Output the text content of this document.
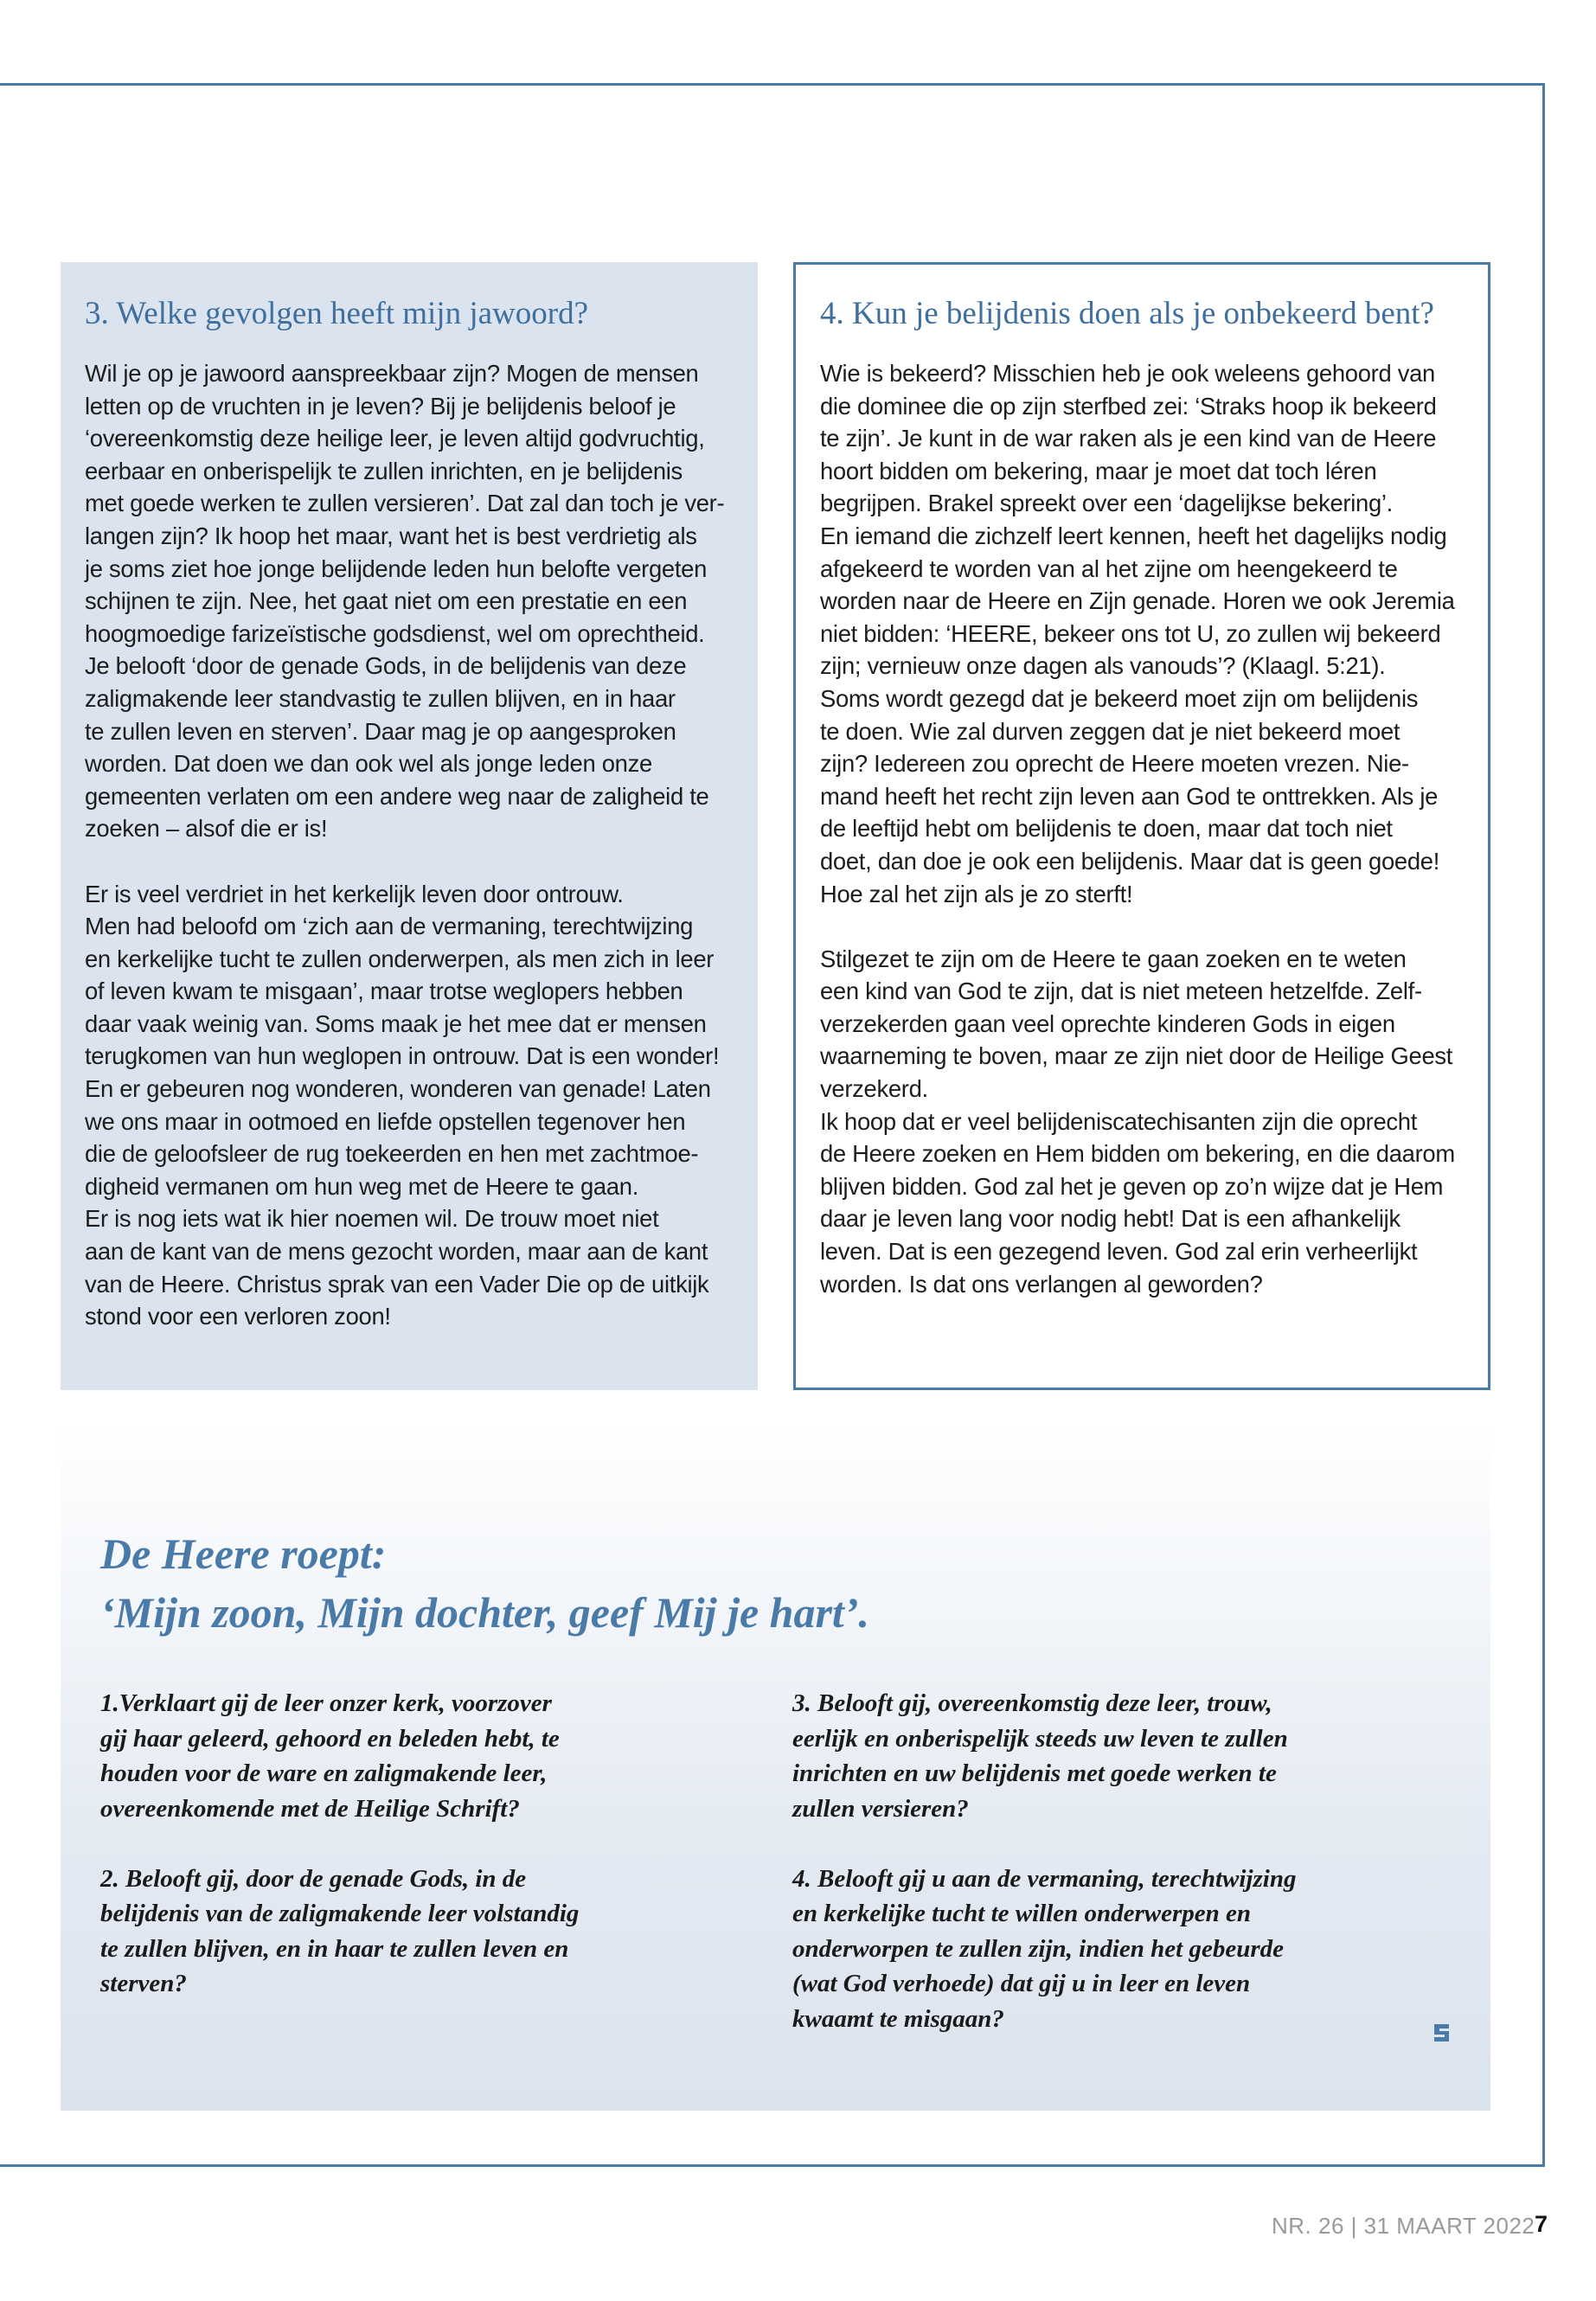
3. Welke gevolgen heeft mijn jawoord?

Wil je op je jawoord aanspreekbaar zijn? Mogen de mensen
letten op de vruchten in je leven? Bij je belijdenis beloof je
‘overeenkomstig deze heilige leer, je leven altijd godvruchtig,
eerbaar en onberispelijk te zullen inrichten, en je belijdenis
met goede werken te zullen versieren’. Dat zal dan toch je ver-
langen zijn? Ik hoop het maar, want het is best verdrietig als
je soms ziet hoe jonge belijdende leden hun belofte vergeten
schijnen te zijn. Nee, het gaat niet om een prestatie en een
hoogmoedige farizeïstische godsdienst, wel om oprechtheid.
Je belooft ‘door de genade Gods, in de belijdenis van deze
zaligmakende leer standvastig te zullen blijven, en in haar
te zullen leven en sterven’. Daar mag je op aangesproken
worden. Dat doen we dan ook wel als jonge leden onze
gemeenten verlaten om een andere weg naar de zaligheid te
zoeken – alsof die er is!

Er is veel verdriet in het kerkelijk leven door ontrouw.
Men had beloofd om ‘zich aan de vermaning, terechtwijzing
en kerkelijke tucht te zullen onderwerpen, als men zich in leer
of leven kwam te misgaan’, maar trotse weglopers hebben
daar vaak weinig van. Soms maak je het mee dat er mensen
terugkomen van hun weglopen in ontrouw. Dat is een wonder!
En er gebeuren nog wonderen, wonderen van genade! Laten
we ons maar in ootmoed en liefde opstellen tegenover hen
die de geloofsleer de rug toekeerden en hen met zachtmoe-
digheid vermanen om hun weg met de Heere te gaan.
Er is nog iets wat ik hier noemen wil. De trouw moet niet
aan de kant van de mens gezocht worden, maar aan de kant
van de Heere. Christus sprak van een Vader Die op de uitkijk
stond voor een verloren zoon!

4. Kun je belijdenis doen als je onbekeerd bent?

Wie is bekeerd? Misschien heb je ook weleens gehoord van
die dominee die op zijn sterfbed zei: ‘Straks hoop ik bekeerd
te zijn’. Je kunt in de war raken als je een kind van de Heere
hoort bidden om bekering, maar je moet dat toch léren
begrijpen. Brakel spreekt over een ‘dagelijkse bekering’.
En iemand die zichzelf leert kennen, heeft het dagelijks nodig
afgekeerd te worden van al het zijne om heengekeerd te
worden naar de Heere en Zijn genade. Horen we ook Jeremia
niet bidden: ‘HEERE, bekeer ons tot U, zo zullen wij bekeerd
zijn; vernieuw onze dagen als vanouds’? (Klaagl. 5:21).
Soms wordt gezegd dat je bekeerd moet zijn om belijdenis
te doen. Wie zal durven zeggen dat je niet bekeerd moet
zijn? Iedereen zou oprecht de Heere moeten vrezen. Nie-
mand heeft het recht zijn leven aan God te onttrekken. Als je
de leeftijd hebt om belijdenis te doen, maar dat toch niet
doet, dan doe je ook een belijdenis. Maar dat is geen goede!
Hoe zal het zijn als je zo sterft!

Stilgezet te zijn om de Heere te gaan zoeken en te weten
een kind van God te zijn, dat is niet meteen hetzelfde. Zelf-
verzekerden gaan veel oprechte kinderen Gods in eigen
waarneming te boven, maar ze zijn niet door de Heilige Geest
verzekerd.
Ik hoop dat er veel belijdeniscatechisanten zijn die oprecht
de Heere zoeken en Hem bidden om bekering, en die daarom
blijven bidden. God zal het je geven op zo’n wijze dat je Hem
daar je leven lang voor nodig hebt! Dat is een afhankelijk
leven. Dat is een gezegend leven. God zal erin verheerlijkt
worden. Is dat ons verlangen al geworden?

De Heere roept:
‘Mijn zoon, Mijn dochter, geef Mij je hart’.

1.Verklaart gij de leer onzer kerk, voorzover
gij haar geleerd, gehoord en beleden hebt, te
houden voor de ware en zaligmakende leer,
overeenkomende met de Heilige Schrift?

2. Belooft gij, door de genade Gods, in de
belijdenis van de zaligmakende leer volstandig
te zullen blijven, en in haar te zullen leven en
sterven?

3. Belooft gij, overeenkomstig deze leer, trouw,
eerlijk en onberispelijk steeds uw leven te zullen
inrichten en uw belijdenis met goede werken te
zullen versieren?

4. Belooft gij u aan de vermaning, terechtwijzing
en kerkelijke tucht te willen onderwerpen en
onderworpen te zullen zijn, indien het gebeurde
(wat God verhoede) dat gij u in leer en leven
kwaamt te misgaan?

NR. 26 | 31 MAART 2022 7
